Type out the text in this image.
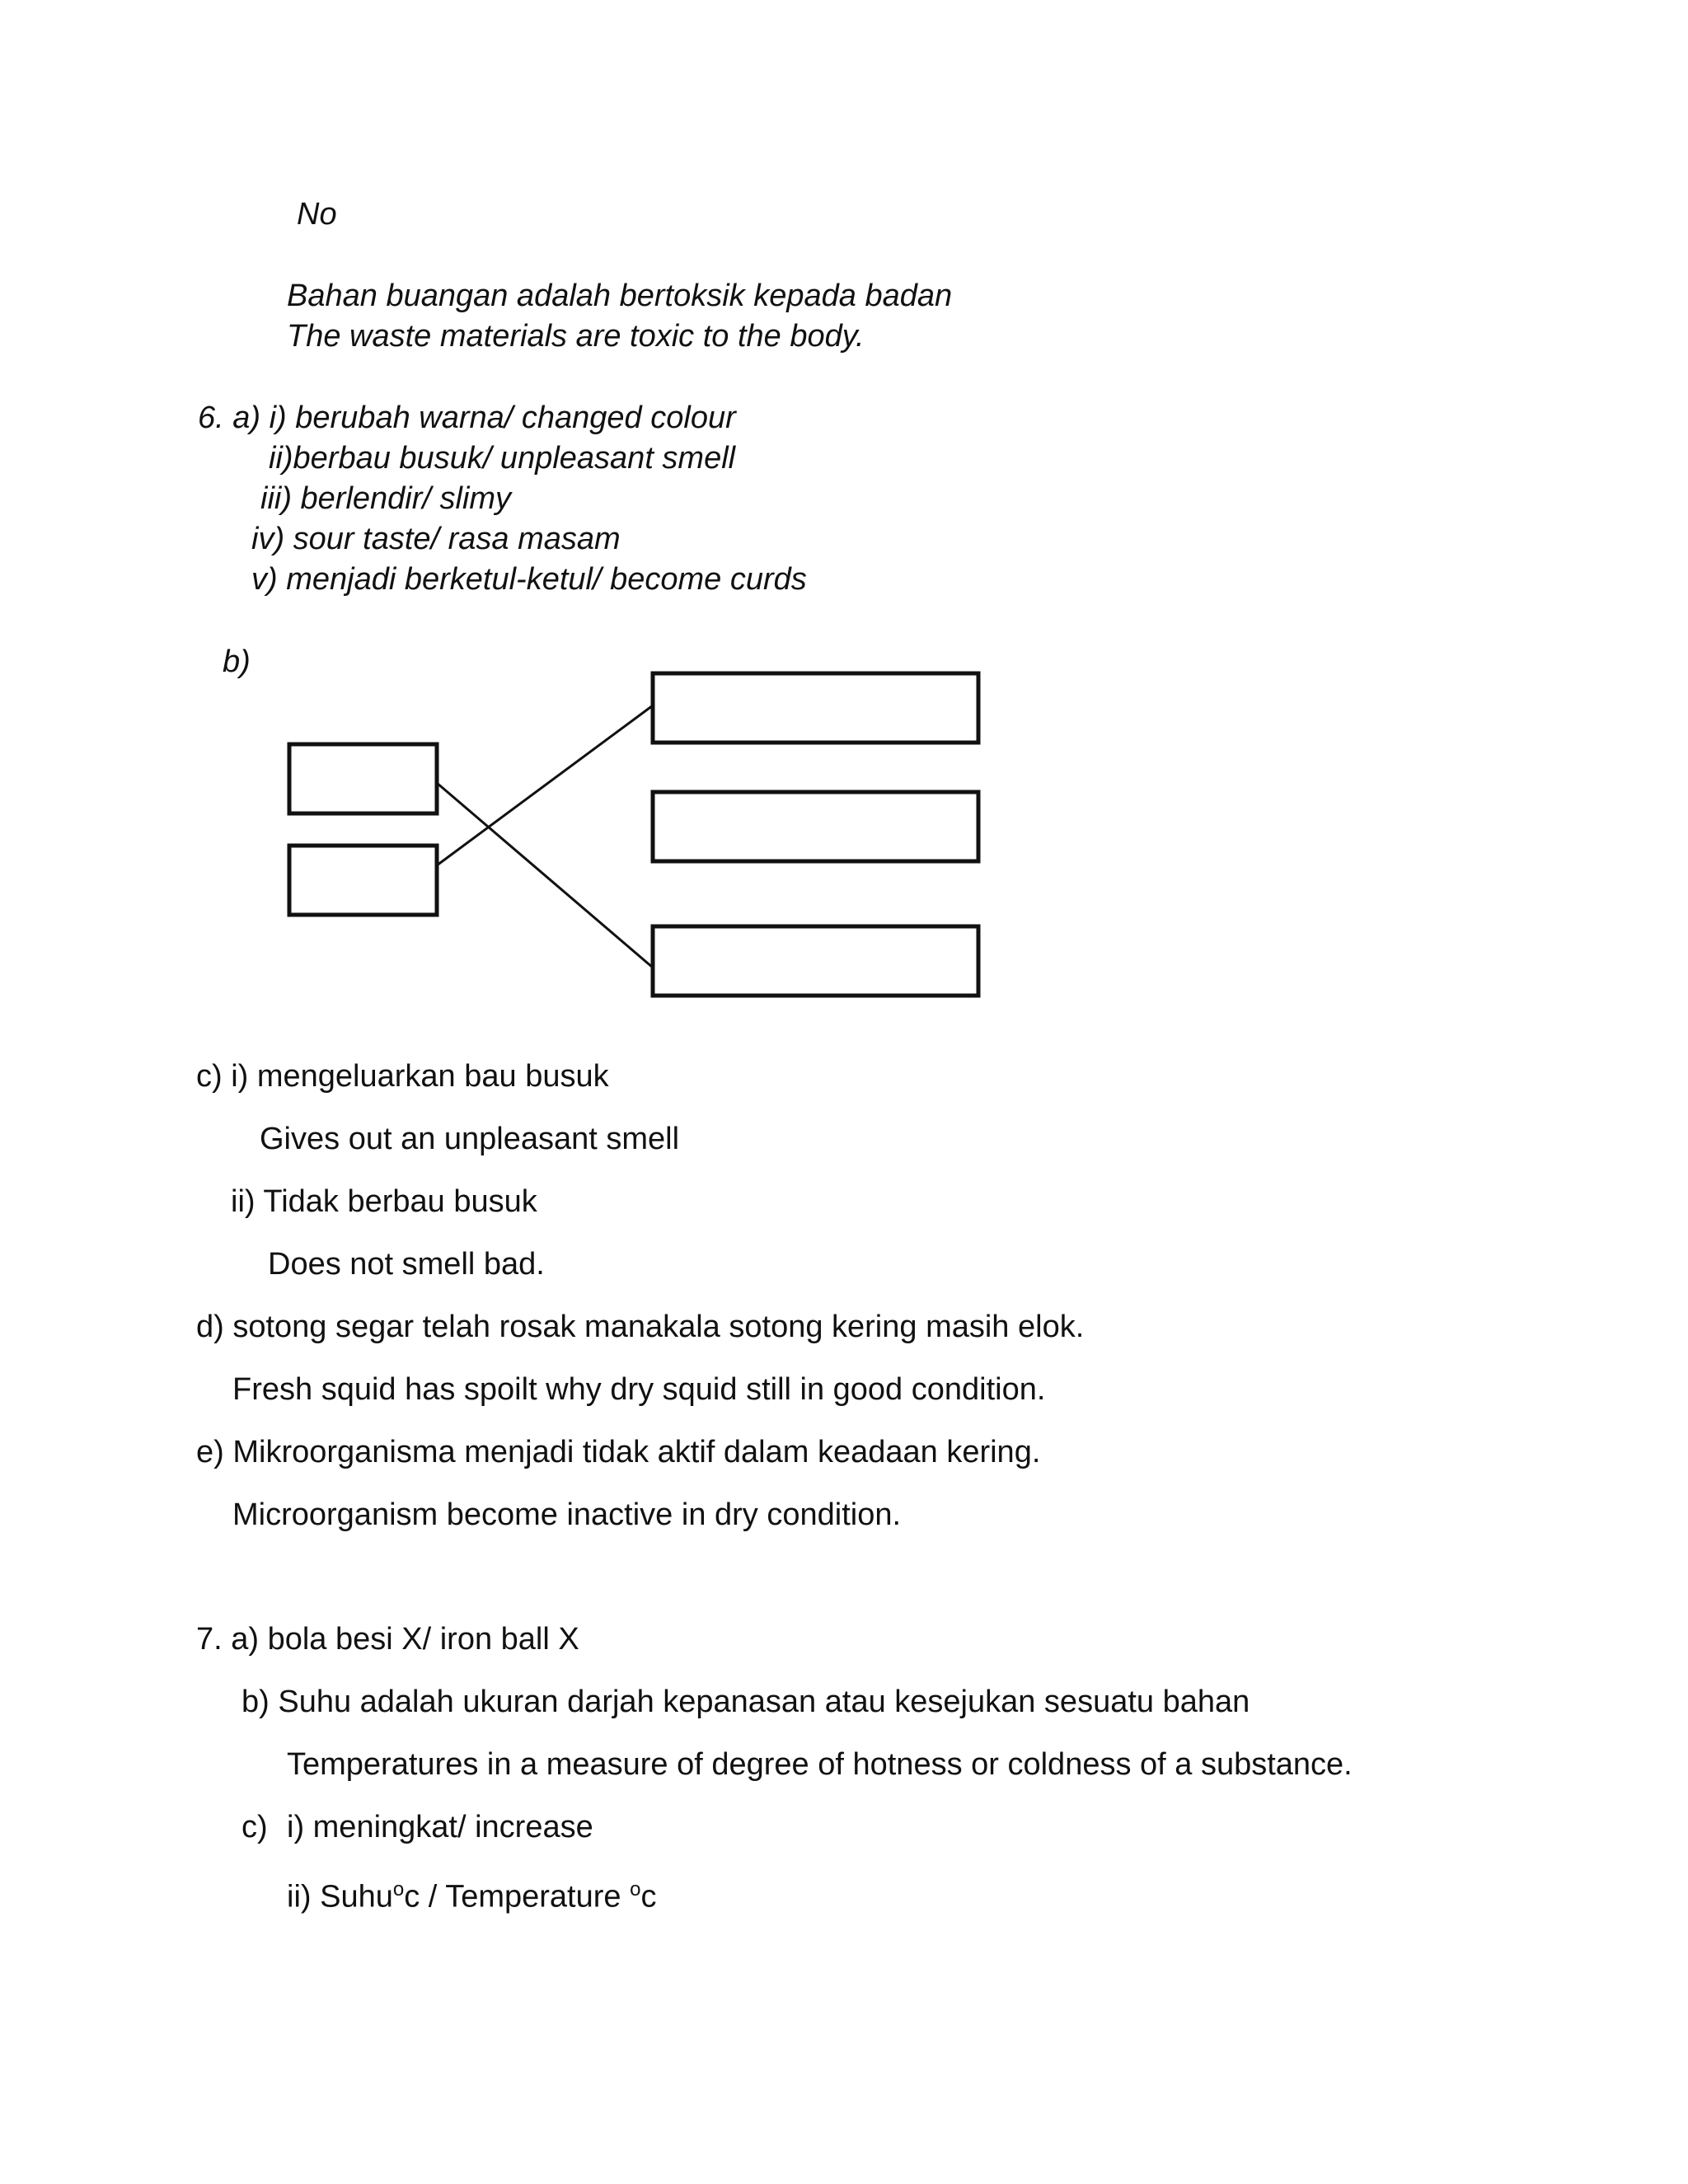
No
Bahan buangan adalah bertoksik kepada badan
The waste materials are toxic to the body.
6. a) i) berubah warna/ changed colour
ii)berbau busuk/ unpleasant smell
iii) berlendir/ slimy
iv) sour taste/ rasa masam
v) menjadi berketul-ketul/ become curds
b)
c) i) mengeluarkan bau busuk
Gives out an unpleasant smell
ii) Tidak berbau busuk
Does not smell bad.
d) sotong segar telah rosak manakala sotong kering masih elok.
Fresh squid has spoilt why dry squid still in good condition.
e) Mikroorganisma menjadi tidak aktif dalam keadaan kering.
Microorganism become inactive in dry condition.
7. a) bola besi X/ iron ball X
b) Suhu adalah ukuran darjah kepanasan atau kesejukan sesuatu bahan
Temperatures in a measure of degree of hotness or coldness of a substance.
c) i) meningkat/ increase
ii) Suhu$^o$c / Temperature $^o$c
